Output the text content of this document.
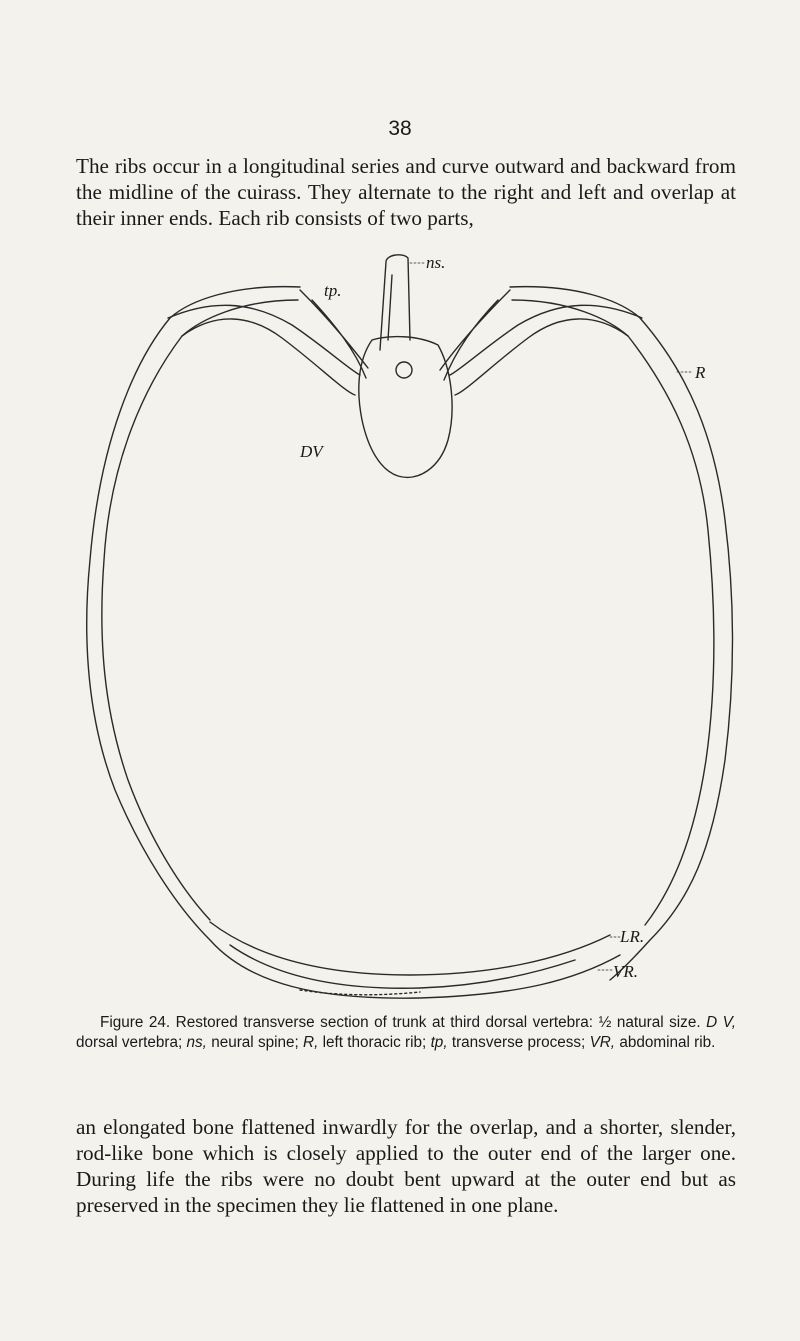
38

The ribs occur in a longitudinal series and curve outward and backward from the midline of the cuirass. They alternate to the right and left and overlap at their inner ends. Each rib consists of two parts,

tp.
ns.
R
DV
LR.
VR.

Figure 24. Restored transverse section of trunk at third dorsal vertebra: ½ natural size. D V, dorsal vertebra; ns, neural spine; R, left thoracic rib; tp, transverse process; VR, abdominal rib.

an elongated bone flattened inwardly for the overlap, and a shorter, slender, rod-like bone which is closely applied to the outer end of the larger one. During life the ribs were no doubt bent upward at the outer end but as preserved in the specimen they lie flattened in one plane.
